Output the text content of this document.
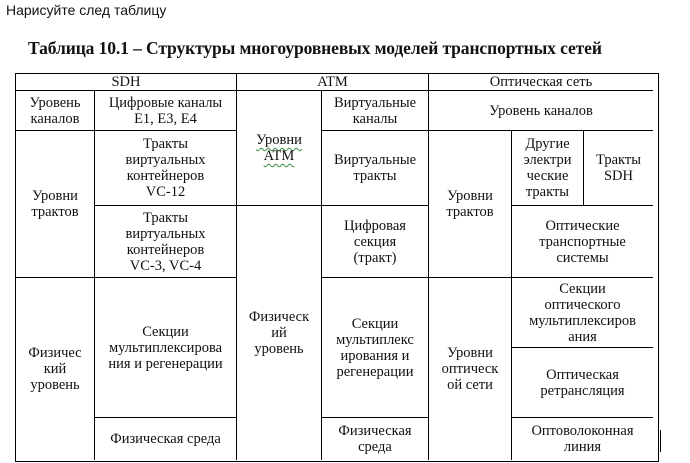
Нарисуйте след таблицу
Таблица 10.1 – Структуры многоуровневых моделей транспортных сетей
SDH	ATM	Оптическая сеть
Уровень
каналов
Уровни
трактов
Физичес
кий
уровень
Цифровые каналы
E1, E3, E4
Тракты
виртуальных
контейнеров
VC-12
Тракты
виртуальных
контейнеров
VC-3, VC-4
Секции
мультиплексирова
ния и регенерации
Физическая среда
Уровни
ATM
Физическ
ий
уровень
Виртуальные
каналы
Виртуальные
тракты
Цифровая
секция
(тракт)
Секции
мультиплекс
ирования и
регенерации
Физическая
среда
Уровень каналов
Уровни
трактов
Другие
электри
ческие
тракты
Тракты
SDH
Оптические
транспортные
системы
Уровни
оптическ
ой сети
Секции
оптического
мультиплексиров
ания
Оптическая
ретрансляция
Оптоволоконная
линия
